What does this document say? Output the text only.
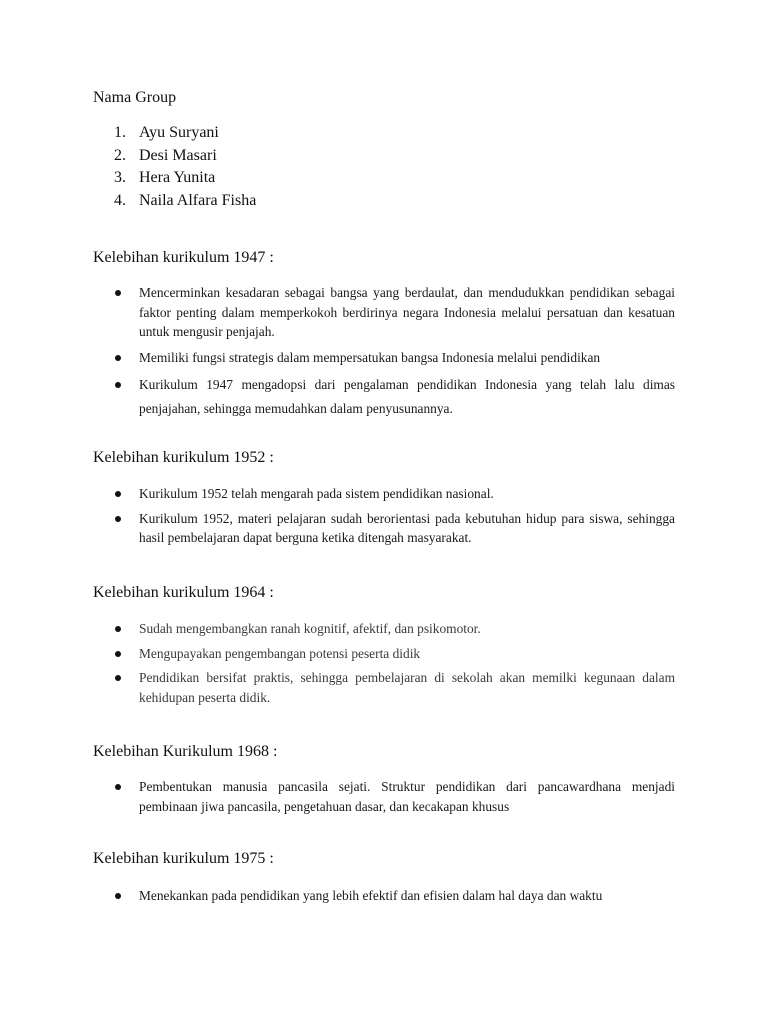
Nama Group

1. Ayu Suryani
2. Desi Masari
3. Hera Yunita
4. Naila Alfara Fisha

Kelebihan kurikulum 1947 :

Mencerminkan kesadaran sebagai bangsa yang berdaulat, dan mendudukkan pendidikan sebagai faktor penting dalam memperkokoh berdirinya negara Indonesia melalui persatuan dan kesatuan untuk mengusir penjajah.
Memiliki fungsi strategis dalam mempersatukan bangsa Indonesia melalui pendidikan
Kurikulum 1947 mengadopsi dari pengalaman pendidikan Indonesia yang telah lalu dimas penjajahan, sehingga memudahkan dalam penyusunannya.

Kelebihan kurikulum 1952 :

Kurikulum 1952 telah mengarah pada sistem pendidikan nasional.
Kurikulum 1952, materi pelajaran sudah berorientasi pada kebutuhan hidup para siswa, sehingga hasil pembelajaran dapat berguna ketika ditengah masyarakat.

Kelebihan kurikulum 1964 :

Sudah mengembangkan ranah kognitif, afektif, dan psikomotor.
Mengupayakan pengembangan potensi peserta didik
Pendidikan bersifat praktis, sehingga pembelajaran di sekolah akan memilki kegunaan dalam kehidupan peserta didik.

Kelebihan Kurikulum 1968 :

Pembentukan manusia pancasila sejati. Struktur pendidikan dari pancawardhana menjadi pembinaan jiwa pancasila, pengetahuan dasar, dan kecakapan khusus

Kelebihan kurikulum 1975 :

Menekankan pada pendidikan yang lebih efektif dan efisien dalam hal daya dan waktu
